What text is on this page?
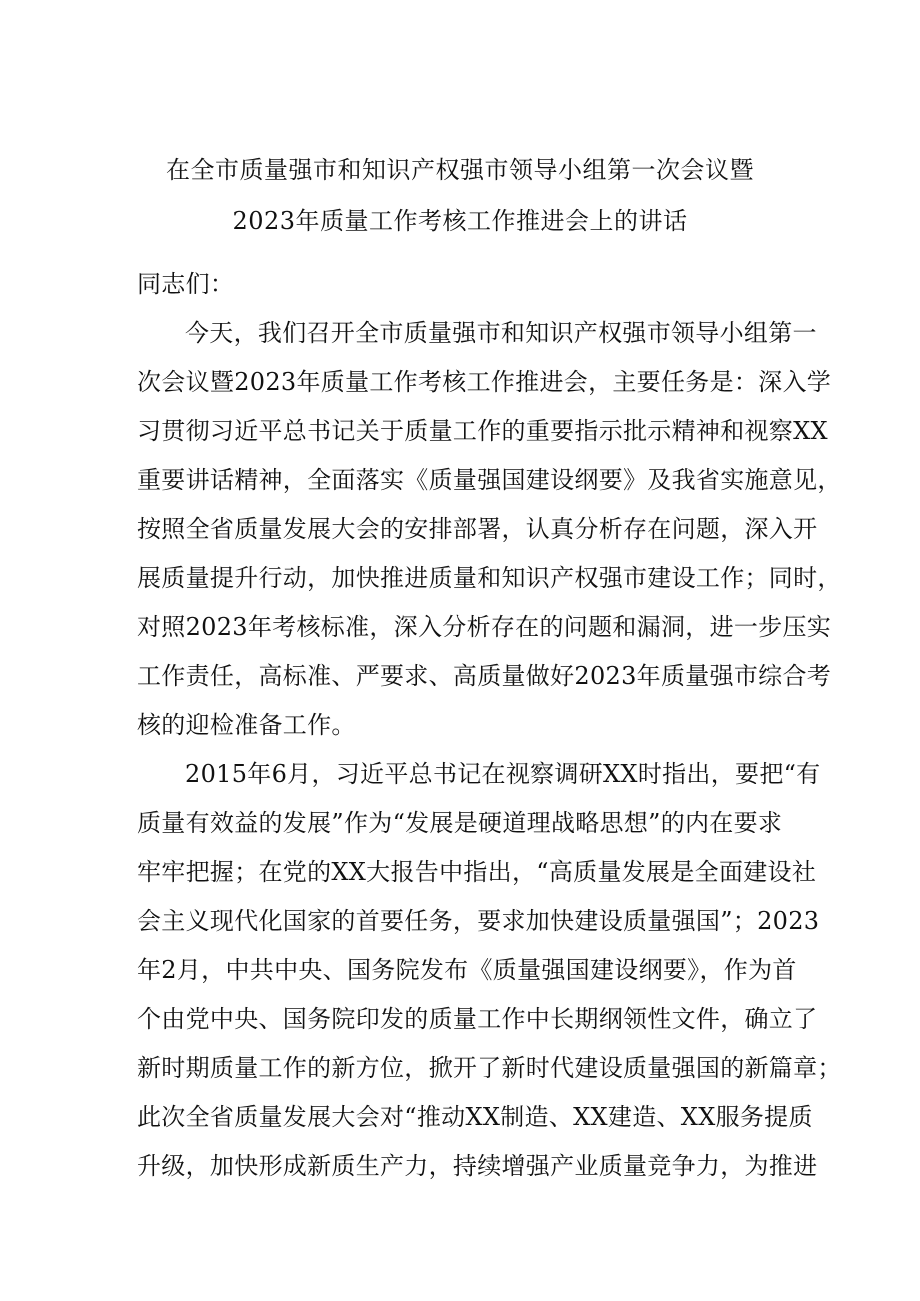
在全市质量强市和知识产权强市领导小组第一次会议暨
2023年质量工作考核工作推进会上的讲话
同志们：
今天，我们召开全市质量强市和知识产权强市领导小组第一
次会议暨2023年质量工作考核工作推进会，主要任务是：深入学
习贯彻习近平总书记关于质量工作的重要指示批示精神和视察XX
重要讲话精神，全面落实《质量强国建设纲要》及我省实施意见，
按照全省质量发展大会的安排部署，认真分析存在问题，深入开
展质量提升行动，加快推进质量和知识产权强市建设工作；同时，
对照2023年考核标准，深入分析存在的问题和漏洞，进一步压实
工作责任，高标准、严要求、高质量做好2023年质量强市综合考
核的迎检准备工作。
2015年6月，习近平总书记在视察调研XX时指出，要把“有
质量有效益的发展”作为“发展是硬道理战略思想”的内在要求
牢牢把握；在党的XX大报告中指出，“高质量发展是全面建设社
会主义现代化国家的首要任务，要求加快建设质量强国”；2023
年2月，中共中央、国务院发布《质量强国建设纲要》，作为首
个由党中央、国务院印发的质量工作中长期纲领性文件，确立了
新时期质量工作的新方位，掀开了新时代建设质量强国的新篇章；
此次全省质量发展大会对“推动XX制造、XX建造、XX服务提质
升级，加快形成新质生产力，持续增强产业质量竞争力，为推进
